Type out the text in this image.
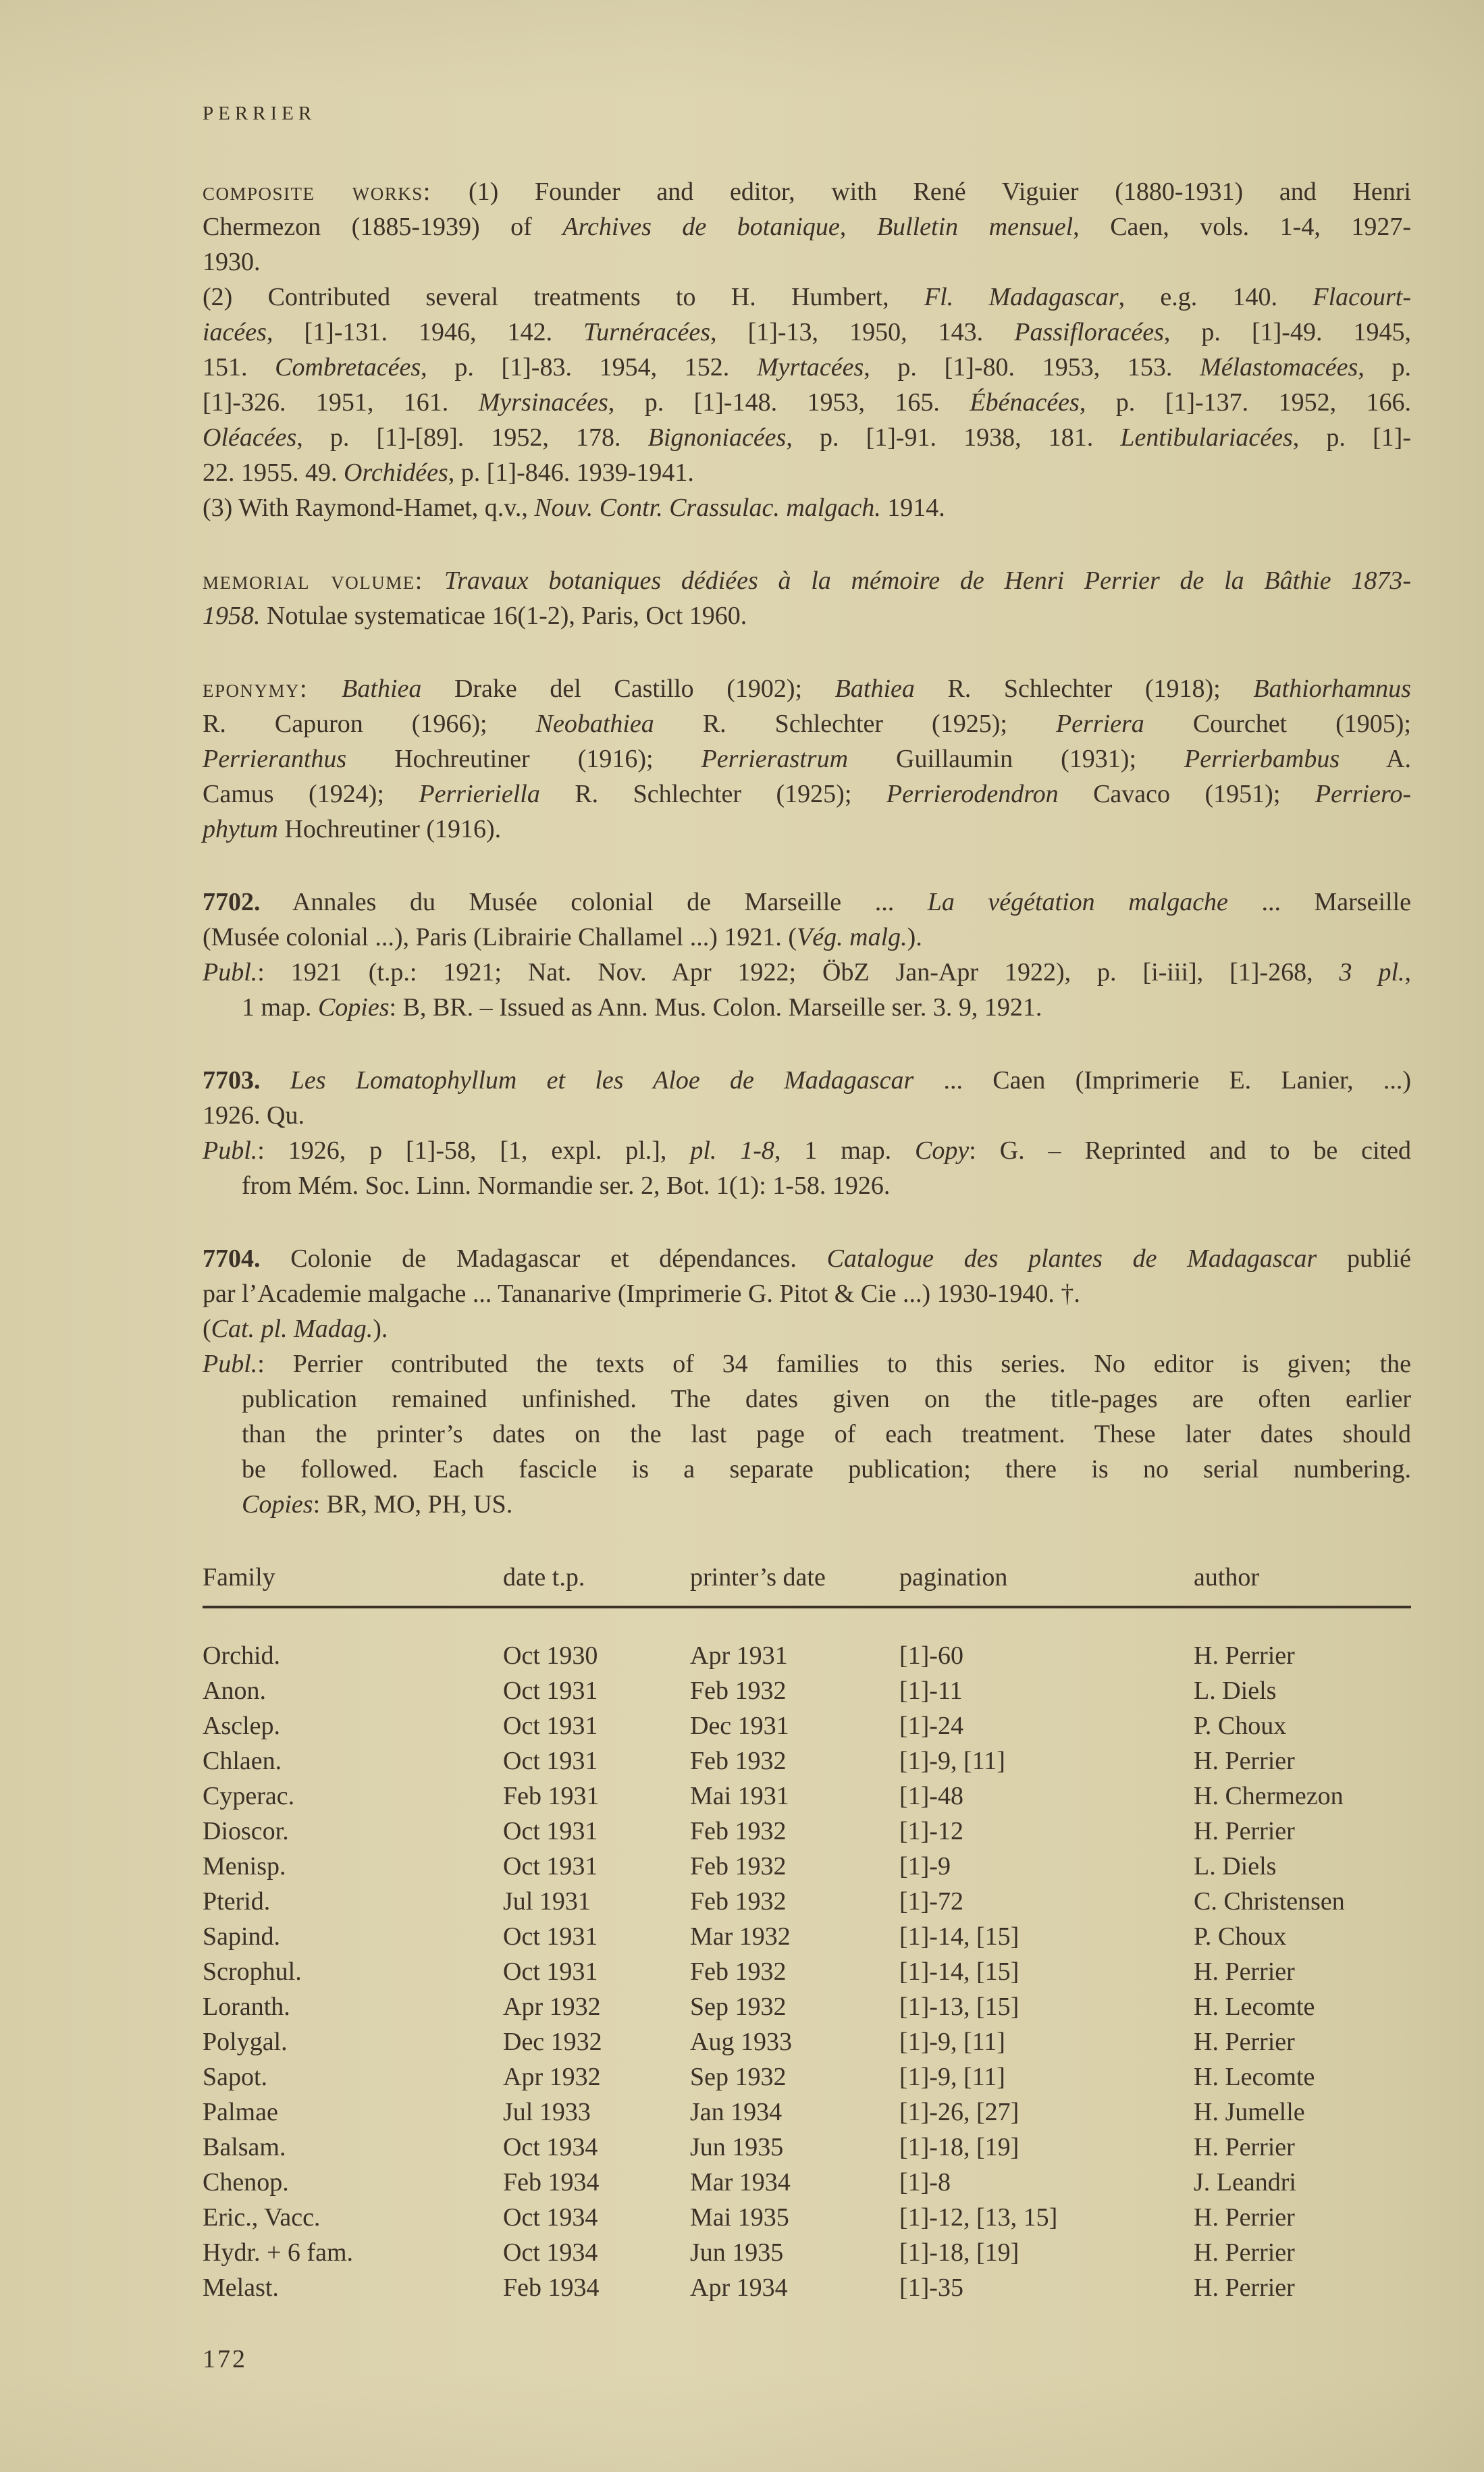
PERRIER
composite works: (1) Founder and editor, with René Viguier (1880-1931) and Henri
Chermezon (1885-1939) of Archives de botanique, Bulletin mensuel, Caen, vols. 1-4, 1927-
1930.
(2) Contributed several treatments to H. Humbert, Fl. Madagascar, e.g. 140. Flacourt-
iacées, [1]-131. 1946, 142. Turnéracées, [1]-13, 1950, 143. Passifloracées, p. [1]-49. 1945,
151. Combretacées, p. [1]-83. 1954, 152. Myrtacées, p. [1]-80. 1953, 153. Mélastomacées, p.
[1]-326. 1951, 161. Myrsinacées, p. [1]-148. 1953, 165. Ébénacées, p. [1]-137. 1952, 166.
Oléacées, p. [1]-[89]. 1952, 178. Bignoniacées, p. [1]-91. 1938, 181. Lentibulariacées, p. [1]-
22. 1955. 49. Orchidées, p. [1]-846. 1939-1941.
(3) With Raymond-Hamet, q.v., Nouv. Contr. Crassulac. malgach. 1914.
memorial volume: Travaux botaniques dédiées à la mémoire de Henri Perrier de la Bâthie 1873-
1958. Notulae systematicae 16(1-2), Paris, Oct 1960.
eponymy: Bathiea Drake del Castillo (1902); Bathiea R. Schlechter (1918); Bathiorhamnus
R. Capuron (1966); Neobathiea R. Schlechter (1925); Perriera Courchet (1905);
Perrieranthus Hochreutiner (1916); Perrierastrum Guillaumin (1931); Perrierbambus A.
Camus (1924); Perrieriella R. Schlechter (1925); Perrierodendron Cavaco (1951); Perriero-
phytum Hochreutiner (1916).
7702. Annales du Musée colonial de Marseille ... La végétation malgache ... Marseille
(Musée colonial ...), Paris (Librairie Challamel ...) 1921. (Vég. malg.).
Publ.: 1921 (t.p.: 1921; Nat. Nov. Apr 1922; ÖbZ Jan-Apr 1922), p. [i-iii], [1]-268, 3 pl.,
1 map. Copies: B, BR. – Issued as Ann. Mus. Colon. Marseille ser. 3. 9, 1921.
7703. Les Lomatophyllum et les Aloe de Madagascar ... Caen (Imprimerie E. Lanier, ...)
1926. Qu.
Publ.: 1926, p [1]-58, [1, expl. pl.], pl. 1-8, 1 map. Copy: G. – Reprinted and to be cited
from Mém. Soc. Linn. Normandie ser. 2, Bot. 1(1): 1-58. 1926.
7704. Colonie de Madagascar et dépendances. Catalogue des plantes de Madagascar publié
par l’Academie malgache ... Tananarive (Imprimerie G. Pitot & Cie ...) 1930-1940. †.
(Cat. pl. Madag.).
Publ.: Perrier contributed the texts of 34 families to this series. No editor is given; the
publication remained unfinished. The dates given on the title-pages are often earlier
than the printer’s dates on the last page of each treatment. These later dates should
be followed. Each fascicle is a separate publication; there is no serial numbering.
Copies: BR, MO, PH, US.
Family	date t.p.	printer’s date	pagination	author
Orchid.	Oct 1930	Apr 1931	[1]-60	H. Perrier
Anon.	Oct 1931	Feb 1932	[1]-11	L. Diels
Asclep.	Oct 1931	Dec 1931	[1]-24	P. Choux
Chlaen.	Oct 1931	Feb 1932	[1]-9, [11]	H. Perrier
Cyperac.	Feb 1931	Mai 1931	[1]-48	H. Chermezon
Dioscor.	Oct 1931	Feb 1932	[1]-12	H. Perrier
Menisp.	Oct 1931	Feb 1932	[1]-9	L. Diels
Pterid.	Jul 1931	Feb 1932	[1]-72	C. Christensen
Sapind.	Oct 1931	Mar 1932	[1]-14, [15]	P. Choux
Scrophul.	Oct 1931	Feb 1932	[1]-14, [15]	H. Perrier
Loranth.	Apr 1932	Sep 1932	[1]-13, [15]	H. Lecomte
Polygal.	Dec 1932	Aug 1933	[1]-9, [11]	H. Perrier
Sapot.	Apr 1932	Sep 1932	[1]-9, [11]	H. Lecomte
Palmae	Jul 1933	Jan 1934	[1]-26, [27]	H. Jumelle
Balsam.	Oct 1934	Jun 1935	[1]-18, [19]	H. Perrier
Chenop.	Feb 1934	Mar 1934	[1]-8	J. Leandri
Eric., Vacc.	Oct 1934	Mai 1935	[1]-12, [13, 15]	H. Perrier
Hydr. + 6 fam.	Oct 1934	Jun 1935	[1]-18, [19]	H. Perrier
Melast.	Feb 1934	Apr 1934	[1]-35	H. Perrier
172
